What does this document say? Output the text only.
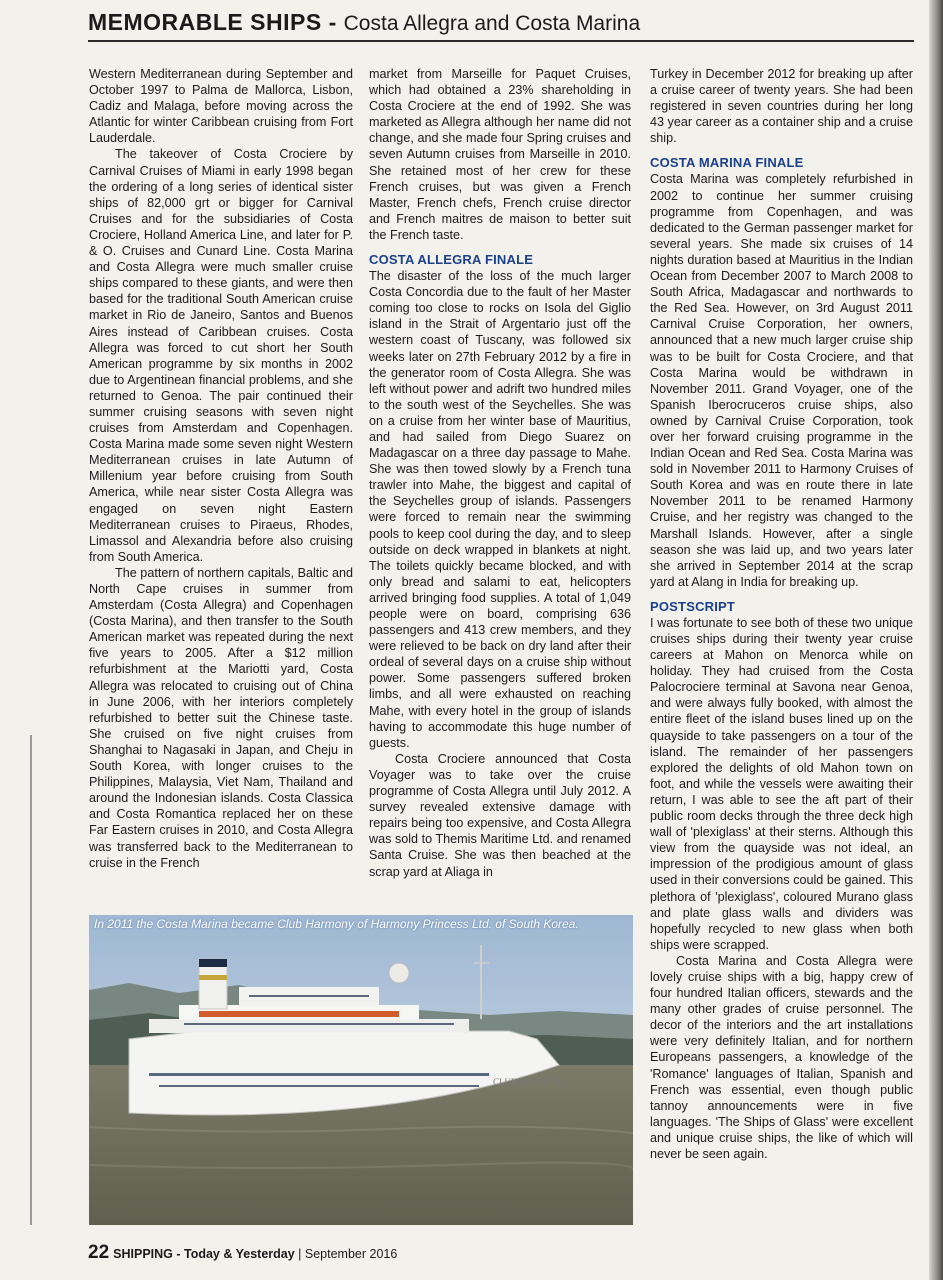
MEMORABLE SHIPS - Costa Allegra and Costa Marina

Western Mediterranean during September and October 1997 to Palma de Mallorca, Lisbon, Cadiz and Malaga, before moving across the Atlantic for winter Caribbean cruising from Fort Lauderdale.

The takeover of Costa Crociere by Carnival Cruises of Miami in early 1998 began the ordering of a long series of identical sister ships of 82,000 grt or bigger for Carnival Cruises and for the subsidiaries of Costa Crociere, Holland America Line, and later for P. & O. Cruises and Cunard Line. Costa Marina and Costa Allegra were much smaller cruise ships compared to these giants, and were then based for the traditional South American cruise market in Rio de Janeiro, Santos and Buenos Aires instead of Caribbean cruises. Costa Allegra was forced to cut short her South American programme by six months in 2002 due to Argentinean financial problems, and she returned to Genoa. The pair continued their summer cruising seasons with seven night cruises from Amsterdam and Copenhagen. Costa Marina made some seven night Western Mediterranean cruises in late Autumn of Millenium year before cruising from South America, while near sister Costa Allegra was engaged on seven night Eastern Mediterranean cruises to Piraeus, Rhodes, Limassol and Alexandria before also cruising from South America.

The pattern of northern capitals, Baltic and North Cape cruises in summer from Amsterdam (Costa Allegra) and Copenhagen (Costa Marina), and then transfer to the South American market was repeated during the next five years to 2005. After a $12 million refurbishment at the Mariotti yard, Costa Allegra was relocated to cruising out of China in June 2006, with her interiors completely refurbished to better suit the Chinese taste. She cruised on five night cruises from Shanghai to Nagasaki in Japan, and Cheju in South Korea, with longer cruises to the Philippines, Malaysia, Viet Nam, Thailand and around the Indonesian islands. Costa Classica and Costa Romantica replaced her on these Far Eastern cruises in 2010, and Costa Allegra was transferred back to the Mediterranean to cruise in the French

market from Marseille for Paquet Cruises, which had obtained a 23% shareholding in Costa Crociere at the end of 1992. She was marketed as Allegra although her name did not change, and she made four Spring cruises and seven Autumn cruises from Marseille in 2010. She retained most of her crew for these French cruises, but was given a French Master, French chefs, French cruise director and French maitres de maison to better suit the French taste.

COSTA ALLEGRA FINALE

The disaster of the loss of the much larger Costa Concordia due to the fault of her Master coming too close to rocks on Isola del Giglio island in the Strait of Argentario just off the western coast of Tuscany, was followed six weeks later on 27th February 2012 by a fire in the generator room of Costa Allegra. She was left without power and adrift two hundred miles to the south west of the Seychelles. She was on a cruise from her winter base of Mauritius, and had sailed from Diego Suarez on Madagascar on a three day passage to Mahe. She was then towed slowly by a French tuna trawler into Mahe, the biggest and capital of the Seychelles group of islands. Passengers were forced to remain near the swimming pools to keep cool during the day, and to sleep outside on deck wrapped in blankets at night. The toilets quickly became blocked, and with only bread and salami to eat, helicopters arrived bringing food supplies. A total of 1,049 people were on board, comprising 636 passengers and 413 crew members, and they were relieved to be back on dry land after their ordeal of several days on a cruise ship without power. Some passengers suffered broken limbs, and all were exhausted on reaching Mahe, with every hotel in the group of islands having to accommodate this huge number of guests.

Costa Crociere announced that Costa Voyager was to take over the cruise programme of Costa Allegra until July 2012. A survey revealed extensive damage with repairs being too expensive, and Costa Allegra was sold to Themis Maritime Ltd. and renamed Santa Cruise. She was then beached at the scrap yard at Aliaga in

Turkey in December 2012 for breaking up after a cruise career of twenty years. She had been registered in seven countries during her long 43 year career as a container ship and a cruise ship.

COSTA MARINA FINALE

Costa Marina was completely refurbished in 2002 to continue her summer cruising programme from Copenhagen, and was dedicated to the German passenger market for several years. She made six cruises of 14 nights duration based at Mauritius in the Indian Ocean from December 2007 to March 2008 to South Africa, Madagascar and northwards to the Red Sea. However, on 3rd August 2011 Carnival Cruise Corporation, her owners, announced that a new much larger cruise ship was to be built for Costa Crociere, and that Costa Marina would be withdrawn in November 2011. Grand Voyager, one of the Spanish Iberocruceros cruise ships, also owned by Carnival Cruise Corporation, took over her forward cruising programme in the Indian Ocean and Red Sea. Costa Marina was sold in November 2011 to Harmony Cruises of South Korea and was en route there in late November 2011 to be renamed Harmony Cruise, and her registry was changed to the Marshall Islands. However, after a single season she was laid up, and two years later she arrived in September 2014 at the scrap yard at Alang in India for breaking up.

POSTSCRIPT

I was fortunate to see both of these two unique cruises ships during their twenty year cruise careers at Mahon on Menorca while on holiday. They had cruised from the Costa Palocrociere terminal at Savona near Genoa, and were always fully booked, with almost the entire fleet of the island buses lined up on the quayside to take passengers on a tour of the island. The remainder of her passengers explored the delights of old Mahon town on foot, and while the vessels were awaiting their return, I was able to see the aft part of their public room decks through the three deck high wall of 'plexiglass' at their sterns. Although this view from the quayside was not ideal, an impression of the prodigious amount of glass used in their conversions could be gained. This plethora of 'plexiglass', coloured Murano glass and plate glass walls and dividers was hopefully recycled to new glass when both ships were scrapped.

Costa Marina and Costa Allegra were lovely cruise ships with a big, happy crew of four hundred Italian officers, stewards and the many other grades of cruise personnel. The decor of the interiors and the art installations were very definitely Italian, and for northern Europeans passengers, a knowledge of the 'Romance' languages of Italian, Spanish and French was essential, even though public tannoy announcements were in five languages. 'The Ships of Glass' were excellent and unique cruise ships, the like of which will never be seen again.

CLUB HARMONY
In 2011 the Costa Marina became Club Harmony of Harmony Princess Ltd. of South Korea.
22 SHIPPING - Today & Yesterday | September 2016
